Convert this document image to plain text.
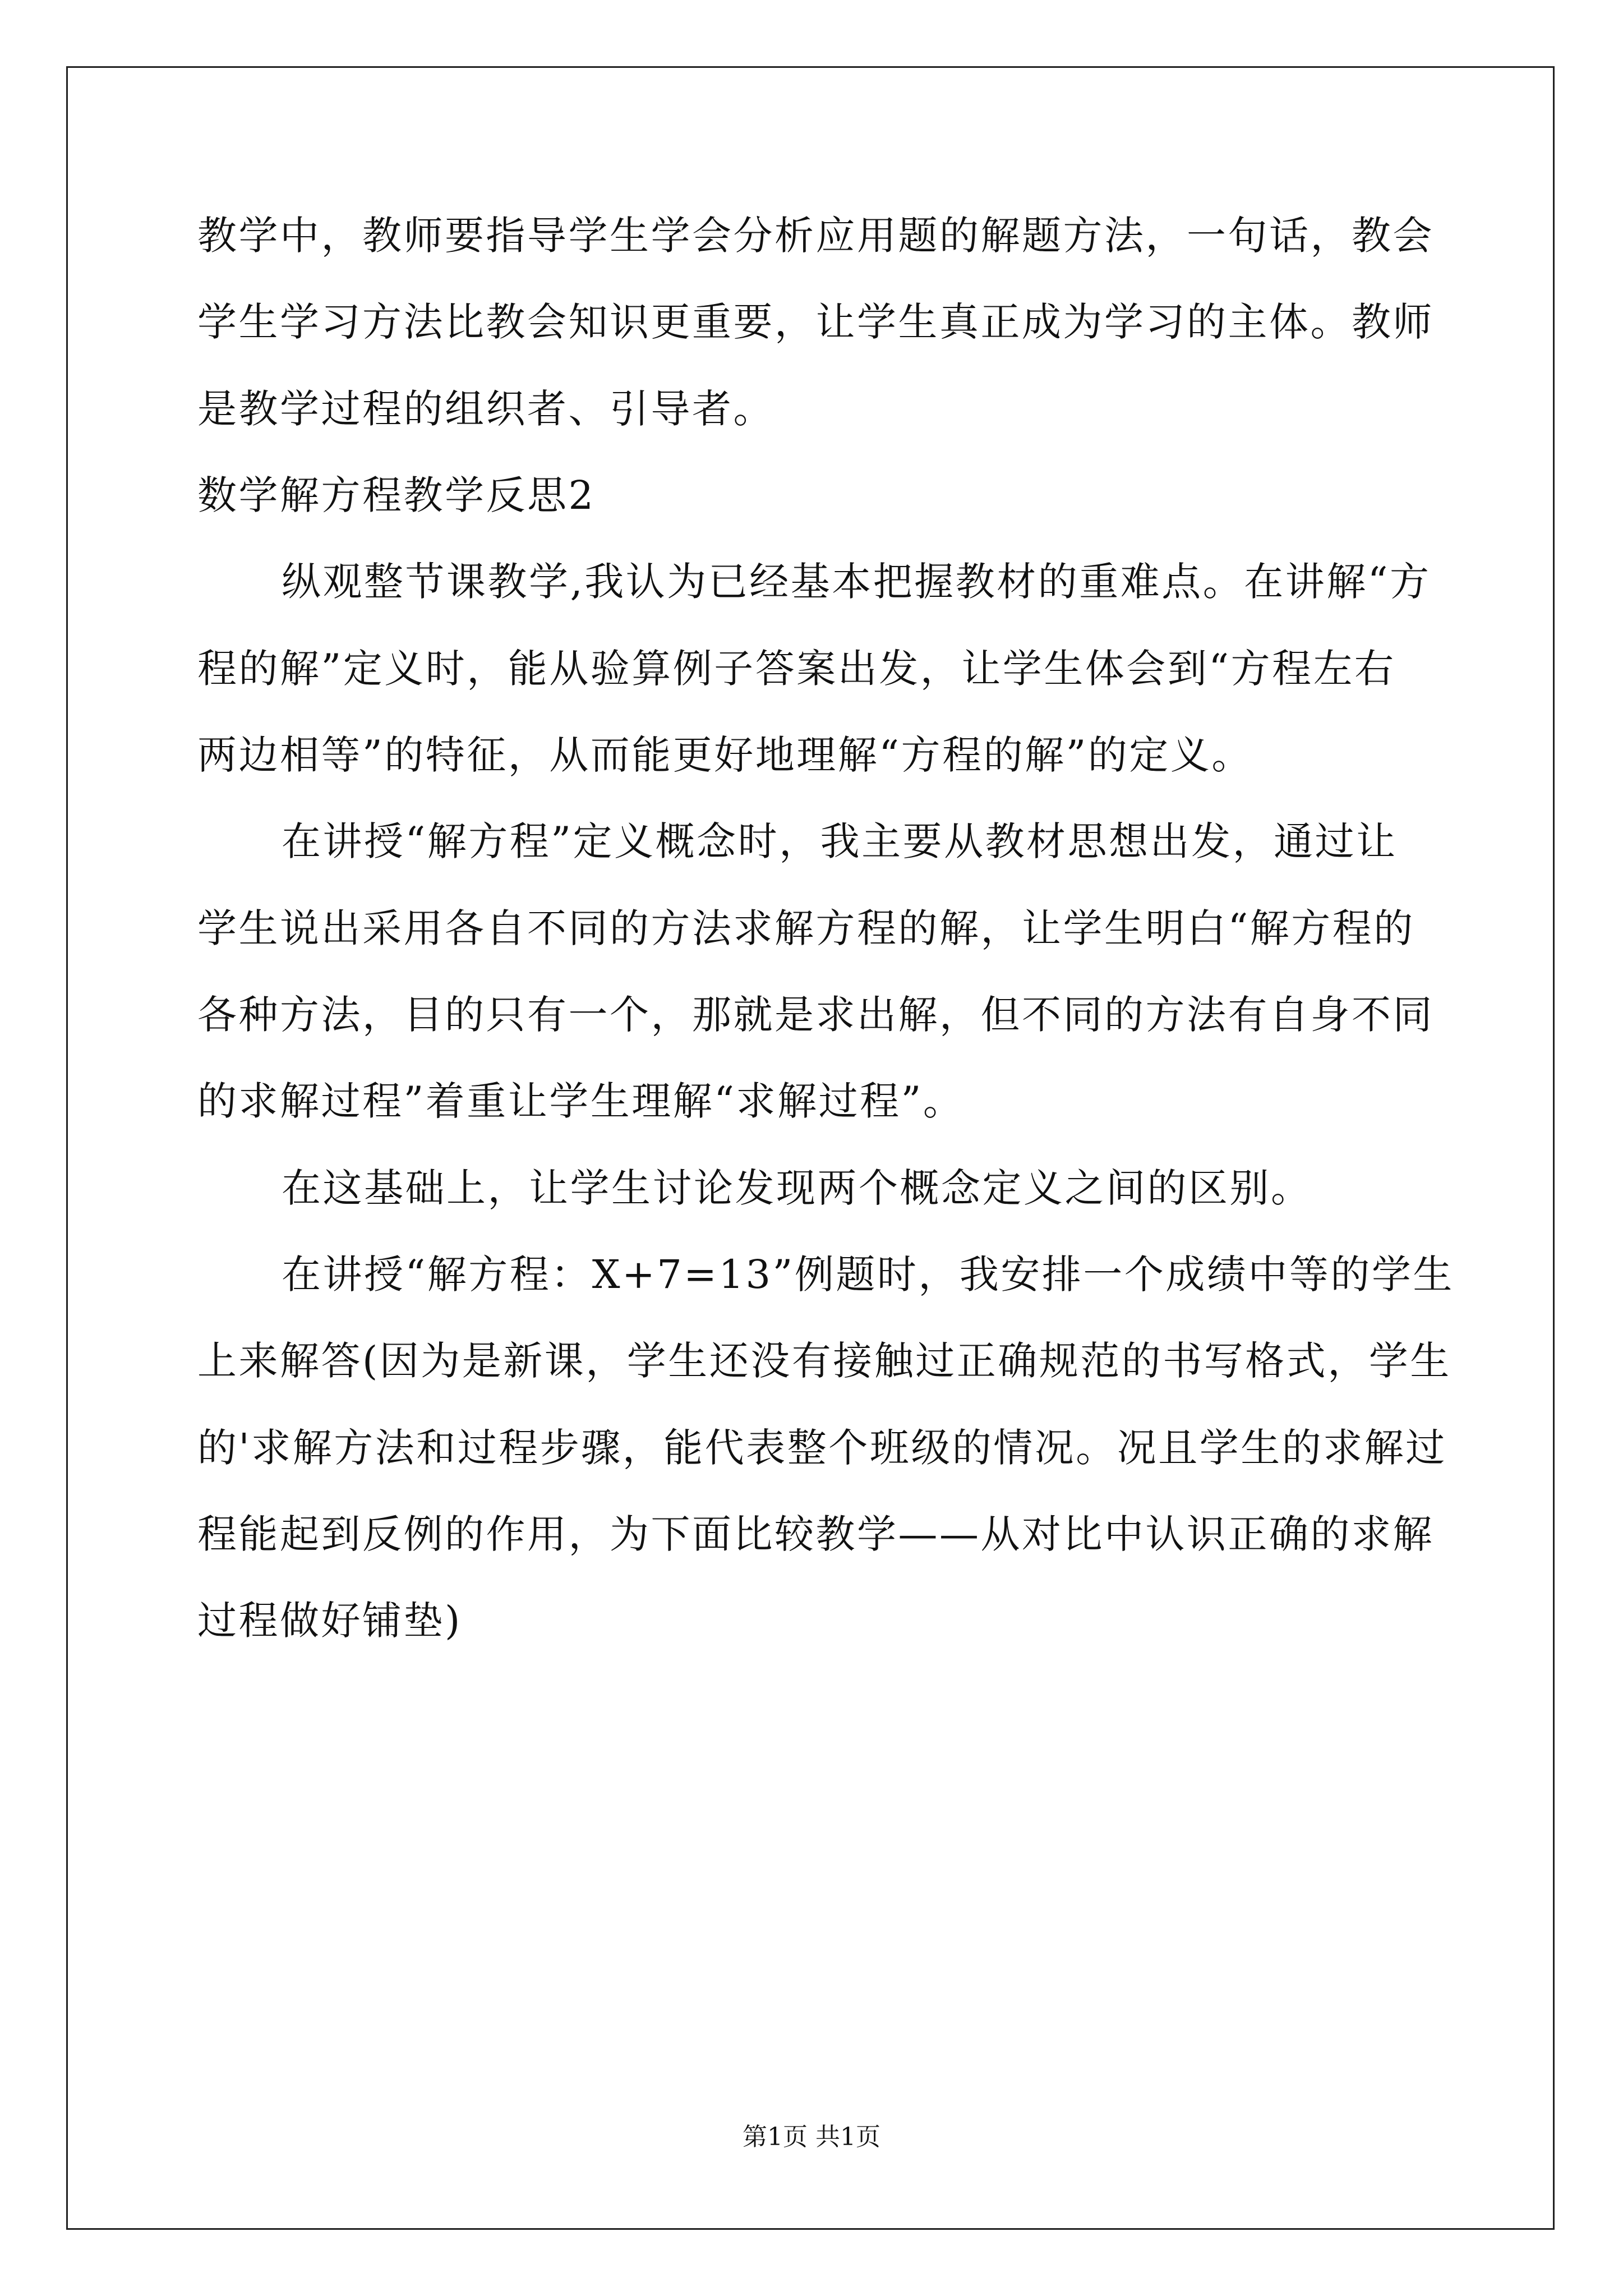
教学中，教师要指导学生学会分析应用题的解题方法，一句话，教会
学生学习方法比教会知识更重要，让学生真正成为学习的主体。教师
是教学过程的组织者、引导者。
数学解方程教学反思2
纵观整节课教学,我认为已经基本把握教材的重难点。在讲解“方
程的解”定义时，能从验算例子答案出发，让学生体会到“方程左右
两边相等”的特征，从而能更好地理解“方程的解”的定义。
在讲授“解方程”定义概念时，我主要从教材思想出发，通过让
学生说出采用各自不同的方法求解方程的解，让学生明白“解方程的
各种方法，目的只有一个，那就是求出解，但不同的方法有自身不同
的求解过程”着重让学生理解“求解过程”。
在这基础上，让学生讨论发现两个概念定义之间的区别。
在讲授“解方程：X+7=13”例题时，我安排一个成绩中等的学生
上来解答(因为是新课，学生还没有接触过正确规范的书写格式，学生
的'求解方法和过程步骤，能代表整个班级的情况。况且学生的求解过
程能起到反例的作用，为下面比较教学——从对比中认识正确的求解
过程做好铺垫)
第1页 共1页
